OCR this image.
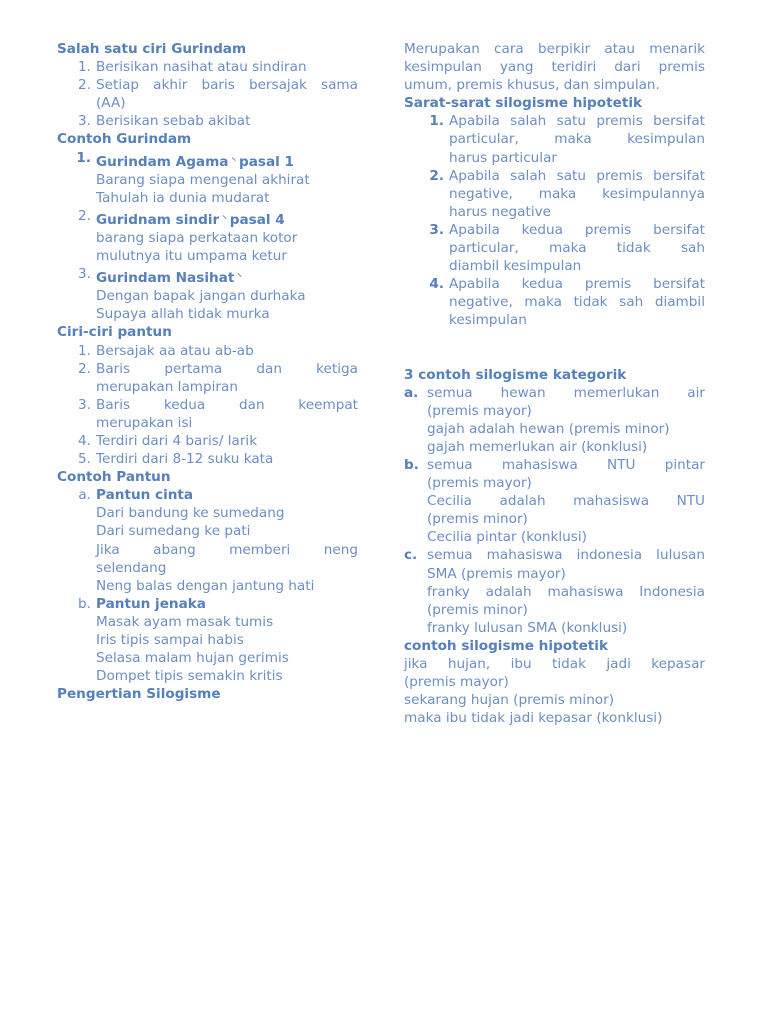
Salah satu ciri Gurindam
1. Berisikan nasihat atau sindiran
2. Setiap akhir baris bersajak sama
(AA)
3. Berisikan sebab akibat
Contoh Gurindam
1. Gurindam Agama ⸜ pasal 1
Barang siapa mengenal akhirat
Tahulah ia dunia mudarat
2. Guridnam sindir ⸜ pasal 4
barang siapa perkataan kotor
mulutnya itu umpama ketur
3. Gurindam Nasihat ⸜
Dengan bapak jangan durhaka
Supaya allah tidak murka
Ciri-ciri pantun
1. Bersajak aa atau ab-ab
2. Baris pertama dan ketiga
merupakan lampiran
3. Baris kedua dan keempat
merupakan isi
4. Terdiri dari 4 baris/ larik
5. Terdiri dari 8-12 suku kata
Contoh Pantun
a. Pantun cinta
Dari bandung ke sumedang
Dari sumedang ke pati
Jika abang memberi neng
selendang
Neng balas dengan jantung hati
b. Pantun jenaka
Masak ayam masak tumis
Iris tipis sampai habis
Selasa malam hujan gerimis
Dompet tipis semakin kritis
Pengertian Silogisme
Merupakan cara berpikir atau menarik
kesimpulan yang teridiri dari premis
umum, premis khusus, dan simpulan.
Sarat-sarat silogisme hipotetik
1. Apabila salah satu premis bersifat
particular, maka kesimpulan
harus particular
2. Apabila salah satu premis bersifat
negative, maka kesimpulannya
harus negative
3. Apabila kedua premis bersifat
particular, maka tidak sah
diambil kesimpulan
4. Apabila kedua premis bersifat
negative, maka tidak sah diambil
kesimpulan
3 contoh silogisme kategorik
a. semua hewan memerlukan air
(premis mayor)
gajah adalah hewan (premis minor)
gajah memerlukan air (konklusi)
b. semua mahasiswa NTU pintar
(premis mayor)
Cecilia adalah mahasiswa NTU
(premis minor)
Cecilia pintar (konklusi)
c. semua mahasiswa indonesia lulusan
SMA (premis mayor)
franky adalah mahasiswa Indonesia
(premis minor)
franky lulusan SMA (konklusi)
contoh silogisme hipotetik
jika hujan, ibu tidak jadi kepasar
(premis mayor)
sekarang hujan (premis minor)
maka ibu tidak jadi kepasar (konklusi)
